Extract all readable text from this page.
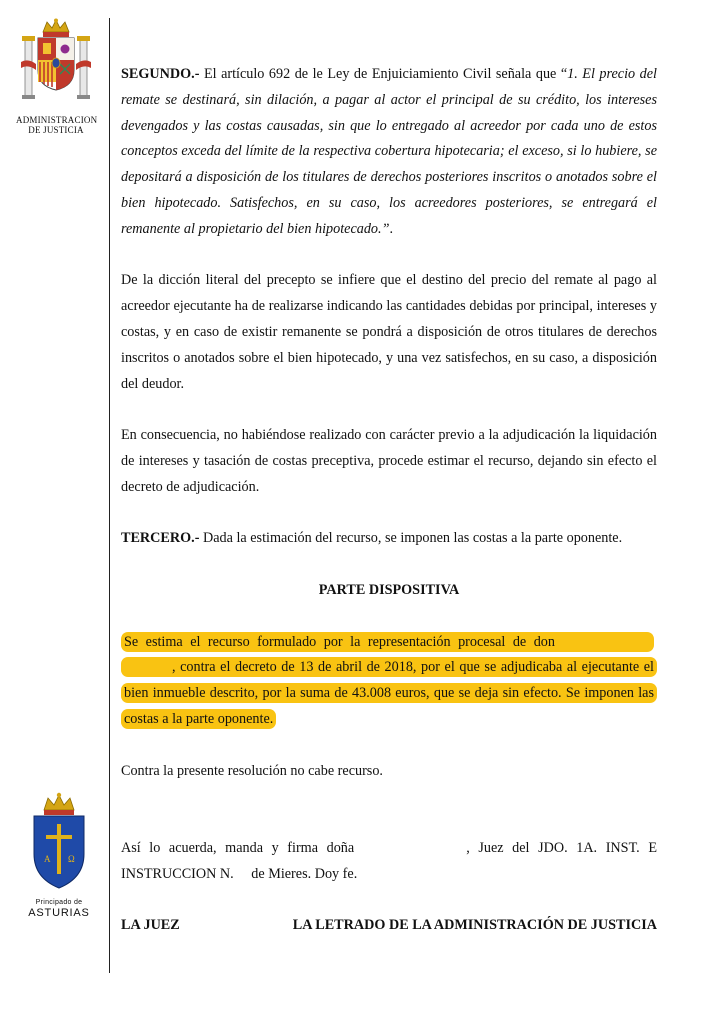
ADMINISTRACION
DE JUSTICIA
A Ω
Principado de
ASTURIAS

SEGUNDO.- El artículo 692 de le Ley de Enjuiciamiento Civil señala que “1. El precio del remate se destinará, sin dilación, a pagar al actor el principal de su crédito, los intereses devengados y las costas causadas, sin que lo entregado al acreedor por cada uno de estos conceptos exceda del límite de la respectiva cobertura hipotecaria; el exceso, si lo hubiere, se depositará a disposición de los titulares de derechos posteriores inscritos o anotados sobre el bien hipotecado. Satisfechos, en su caso, los acreedores posteriores, se entregará el remanente al propietario del bien hipotecado.”.

De la dicción literal del precepto se infiere que el destino del precio del remate al pago al acreedor ejecutante ha de realizarse indicando las cantidades debidas por principal, intereses y costas, y en caso de existir remanente se pondrá a disposición de otros titulares de derechos inscritos o anotados sobre el bien hipotecado, y una vez satisfechos, en su caso, a disposición del deudor.

En consecuencia, no habiéndose realizado con carácter previo a la adjudicación la liquidación de intereses y tasación de costas preceptiva, procede estimar el recurso, dejando sin efecto el decreto de adjudicación.

TERCERO.- Dada la estimación del recurso, se imponen las costas a la parte oponente.

PARTE DISPOSITIVA

Se estima el recurso formulado por la representación procesal de don , contra el decreto de 13 de abril de 2018, por el que se adjudicaba al ejecutante el bien inmueble descrito, por la suma de 43.008 euros, que se deja sin efecto. Se imponen las costas a la parte oponente.

Contra la presente resolución no cabe recurso.

Así lo acuerda, manda y firma doña	, Juez del JDO. 1A. INST. E INSTRUCCION N. de Mieres. Doy fe.

LA JUEZ	LA LETRADO DE LA ADMINISTRACIÓN DE JUSTICIA
